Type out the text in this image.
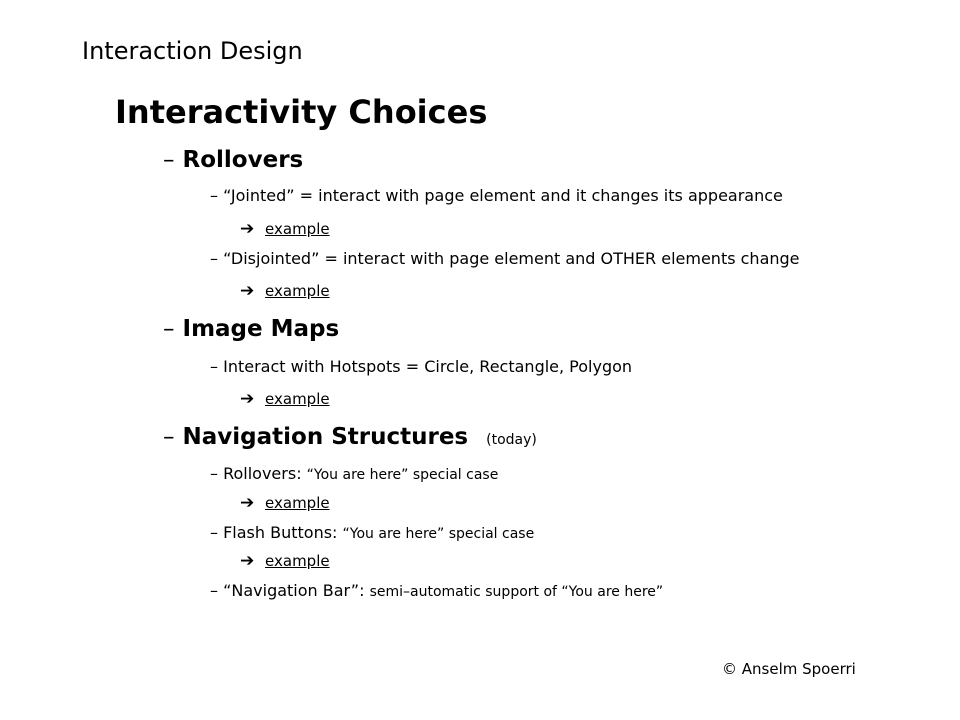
Interaction Design
Interactivity Choices
– Rollovers
– “Jointed” = interact with page element and it changes its appearance
➔ example
– “Disjointed” = interact with page element and OTHER elements change
➔ example
– Image Maps
– Interact with Hotspots = Circle, Rectangle, Polygon
➔ example
– Navigation Structures (today)
– Rollovers: “You are here” special case
➔ example
– Flash Buttons: “You are here” special case
➔ example
– “Navigation Bar”: semi–automatic support of “You are here”
© Anselm Spoerri
